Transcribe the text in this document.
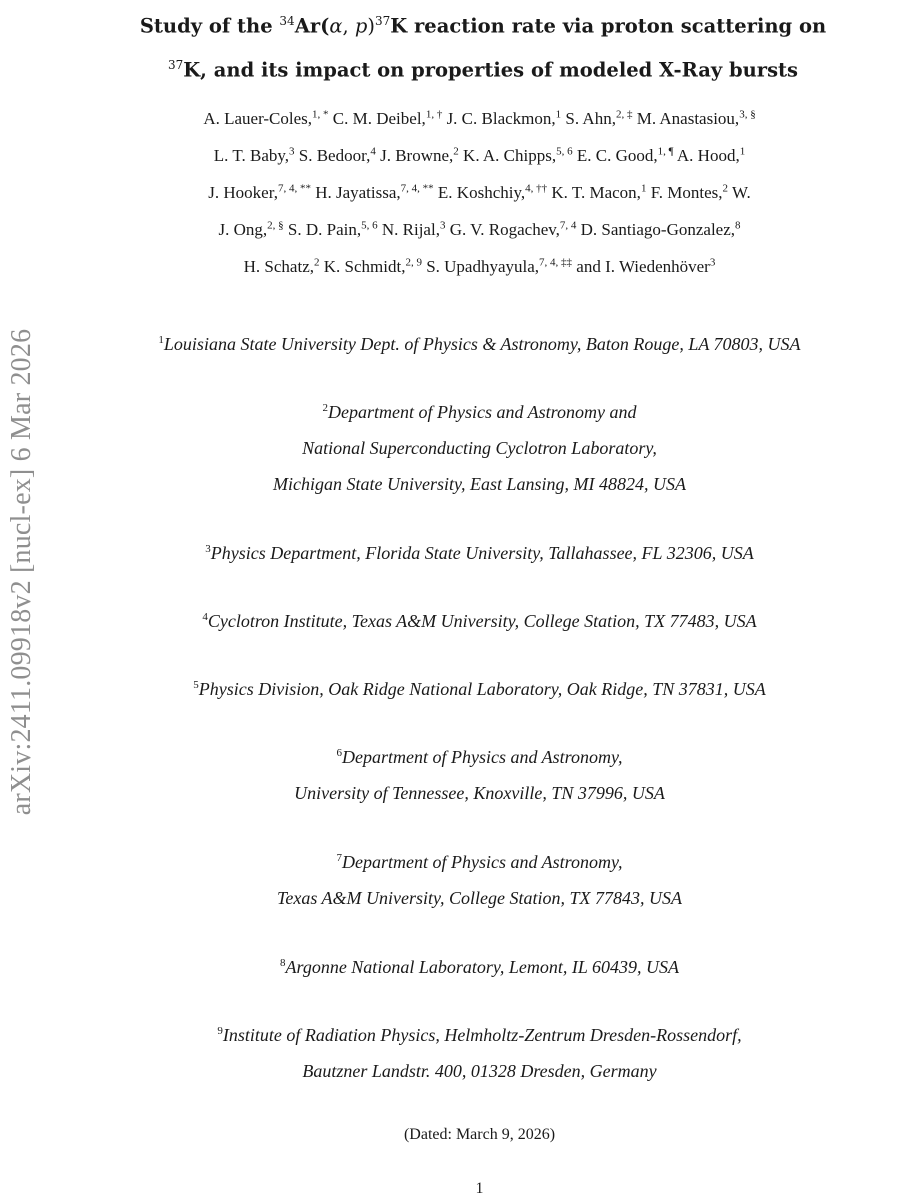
arXiv:2411.09918v2 [nucl-ex] 6 Mar 2026
Study of the $^{34}$Ar(α, p)$^{37}$K reaction rate via proton scattering on
$^{37}$K, and its impact on properties of modeled X-Ray bursts
A. Lauer-Coles,$^{1, *}$ C. M. Deibel,$^{1, \dagger}$ J. C. Blackmon,$^1$ S. Ahn,$^{2, \ddagger}$ M. Anastasiou,$^{3, \S}$
L. T. Baby,$^3$ S. Bedoor,$^4$ J. Browne,$^2$ K. A. Chipps,$^{5, 6}$ E. C. Good,$^{1, \P}$ A. Hood,$^1$
J. Hooker,$^{7, 4, **}$ H. Jayatissa,$^{7, 4, **}$ E. Koshchiy,$^{4, \dagger\dagger}$ K. T. Macon,$^1$ F. Montes,$^2$ W.
J. Ong,$^{2, \S}$ S. D. Pain,$^{5, 6}$ N. Rijal,$^3$ G. V. Rogachev,$^{7, 4}$ D. Santiago-Gonzalez,$^8$
H. Schatz,$^2$ K. Schmidt,$^{2, 9}$ S. Upadhyayula,$^{7, 4, \ddagger\ddagger}$ and I. Wiedenhöver$^3$
$^1$Louisiana State University Dept. of Physics & Astronomy, Baton Rouge, LA 70803, USA
$^2$Department of Physics and Astronomy and
National Superconducting Cyclotron Laboratory,
Michigan State University, East Lansing, MI 48824, USA
$^3$Physics Department, Florida State University, Tallahassee, FL 32306, USA
$^4$Cyclotron Institute, Texas A&M University, College Station, TX 77483, USA
$^5$Physics Division, Oak Ridge National Laboratory, Oak Ridge, TN 37831, USA
$^6$Department of Physics and Astronomy,
University of Tennessee, Knoxville, TN 37996, USA
$^7$Department of Physics and Astronomy,
Texas A&M University, College Station, TX 77843, USA
$^8$Argonne National Laboratory, Lemont, IL 60439, USA
$^9$Institute of Radiation Physics, Helmholtz-Zentrum Dresden-Rossendorf,
Bautzner Landstr. 400, 01328 Dresden, Germany
(Dated: March 9, 2026)
1
